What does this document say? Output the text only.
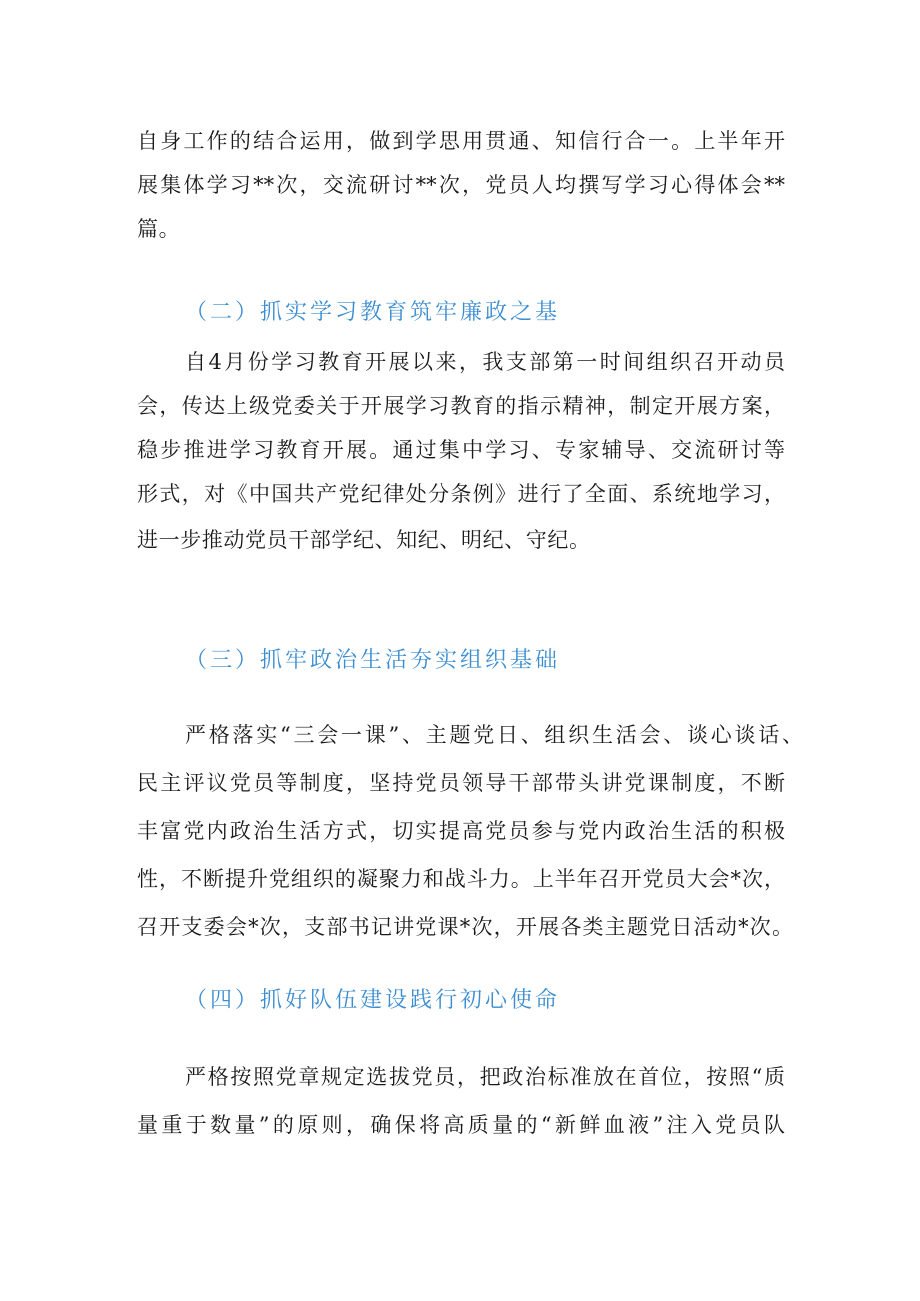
自身工作的结合运用，做到学思用贯通、知信行合一。上半年开
展集体学习**次，交流研讨**次，党员人均撰写学习心得体会**
篇。
（二）抓实学习教育筑牢廉政之基
自4月份学习教育开展以来，我支部第一时间组织召开动员
会，传达上级党委关于开展学习教育的指示精神，制定开展方案，
稳步推进学习教育开展。通过集中学习、专家辅导、交流研讨等
形式，对《中国共产党纪律处分条例》进行了全面、系统地学习，
进一步推动党员干部学纪、知纪、明纪、守纪。
（三）抓牢政治生活夯实组织基础
严格落实“三会一课”、主题党日、组织生活会、谈心谈话、
民主评议党员等制度，坚持党员领导干部带头讲党课制度，不断
丰富党内政治生活方式，切实提高党员参与党内政治生活的积极
性，不断提升党组织的凝聚力和战斗力。上半年召开党员大会*次，
召开支委会*次，支部书记讲党课*次，开展各类主题党日活动*次。
（四）抓好队伍建设践行初心使命
严格按照党章规定选拔党员，把政治标准放在首位，按照“质
量重于数量”的原则，确保将高质量的“新鲜血液”注入党员队
